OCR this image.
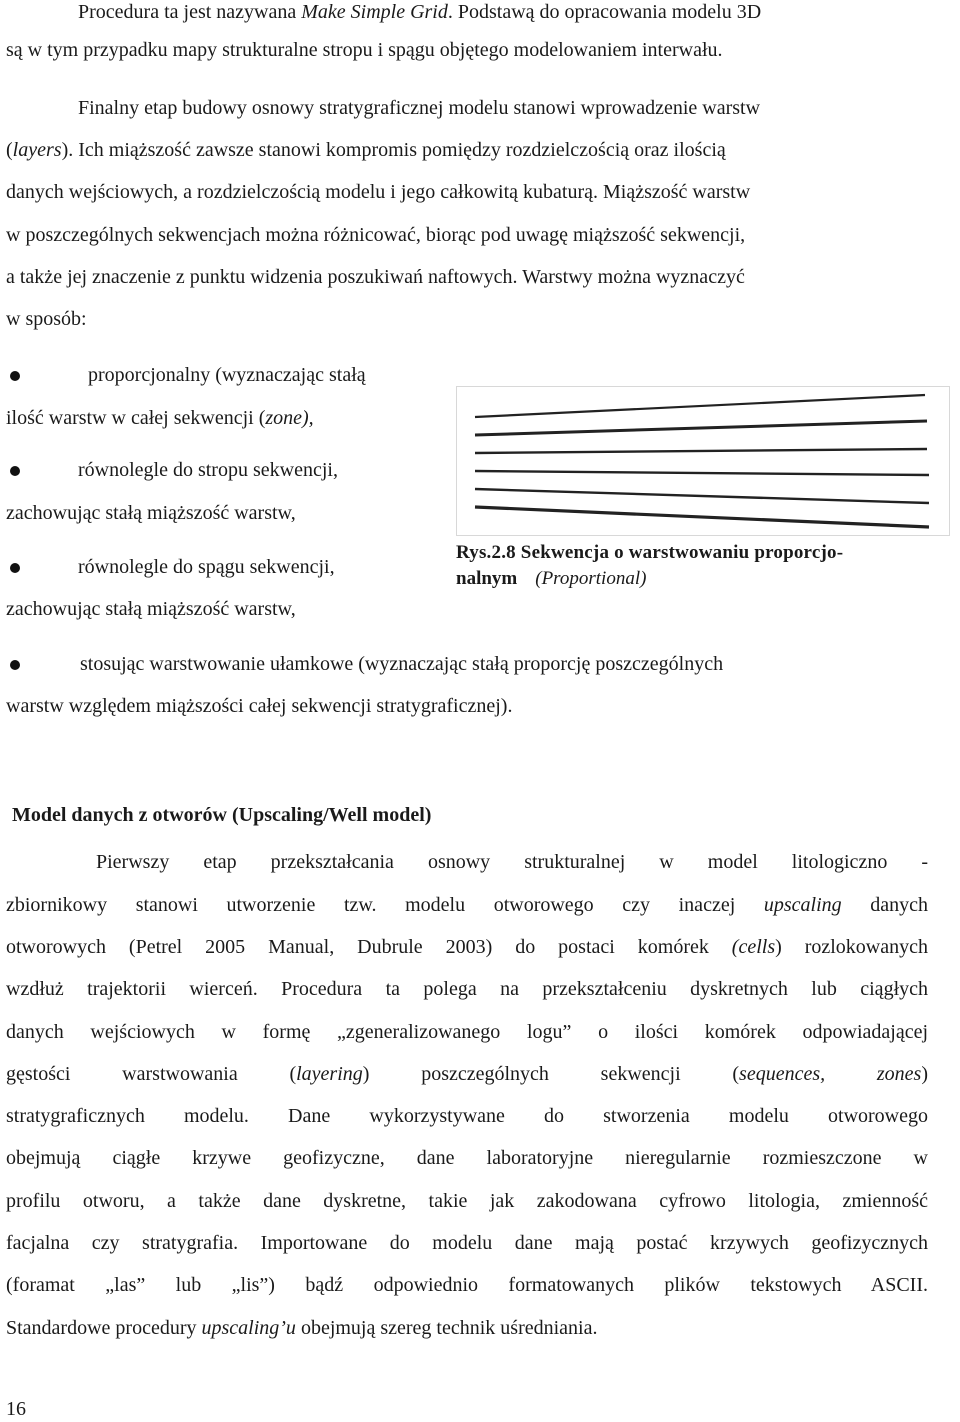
Procedura ta jest nazywana Make Simple Grid. Podstawą do opracowania modelu 3D
są w tym przypadku mapy strukturalne stropu i spągu objętego modelowaniem interwału.
Finalny etap budowy osnowy stratygraficznej modelu stanowi wprowadzenie warstw
(layers). Ich miąższość zawsze stanowi kompromis pomiędzy rozdzielczością oraz ilością
danych wejściowych, a rozdzielczością modelu i jego całkowitą kubaturą. Miąższość warstw
w poszczególnych sekwencjach można różnicować, biorąc pod uwagę miąższość sekwencji,
a także jej znaczenie z punktu widzenia poszukiwań naftowych. Warstwy można wyznaczyć
w sposób:
proporcjonalny (wyznaczając stałą
ilość warstw w całej sekwencji (zone),
równolegle do stropu sekwencji,
zachowując stałą miąższość warstw,
równolegle do spągu sekwencji,
zachowując stałą miąższość warstw,
Rys.2.8 Sekwencja o warstwowaniu proporcjo-
nalnym (Proportional)
stosując warstwowanie ułamkowe (wyznaczając stałą proporcję poszczególnych
warstw względem miąższości całej sekwencji stratygraficznej).
Model danych z otworów (Upscaling/Well model)
Pierwszy etap przekształcania osnowy strukturalnej w model litologiczno -
zbiornikowy stanowi utworzenie tzw. modelu otworowego czy inaczej upscaling danych
otworowych (Petrel 2005 Manual, Dubrule 2003) do postaci komórek (cells) rozlokowanych
wzdłuż trajektorii wierceń. Procedura ta polega na przekształceniu dyskretnych lub ciągłych
danych wejściowych w formę „zgeneralizowanego logu” o ilości komórek odpowiadającej
gęstości warstwowania (layering) poszczególnych sekwencji (sequences, zones)
stratygraficznych modelu. Dane wykorzystywane do stworzenia modelu otworowego
obejmują ciągłe krzywe geofizyczne, dane laboratoryjne nieregularnie rozmieszczone w
profilu otworu, a także dane dyskretne, takie jak zakodowana cyfrowo litologia, zmienność
facjalna czy stratygrafia. Importowane do modelu dane mają postać krzywych geofizycznych
(foramat „las” lub „lis”) bądź odpowiednio formatowanych plików tekstowych ASCII.
Standardowe procedury upscaling’u obejmują szereg technik uśredniania.
16
